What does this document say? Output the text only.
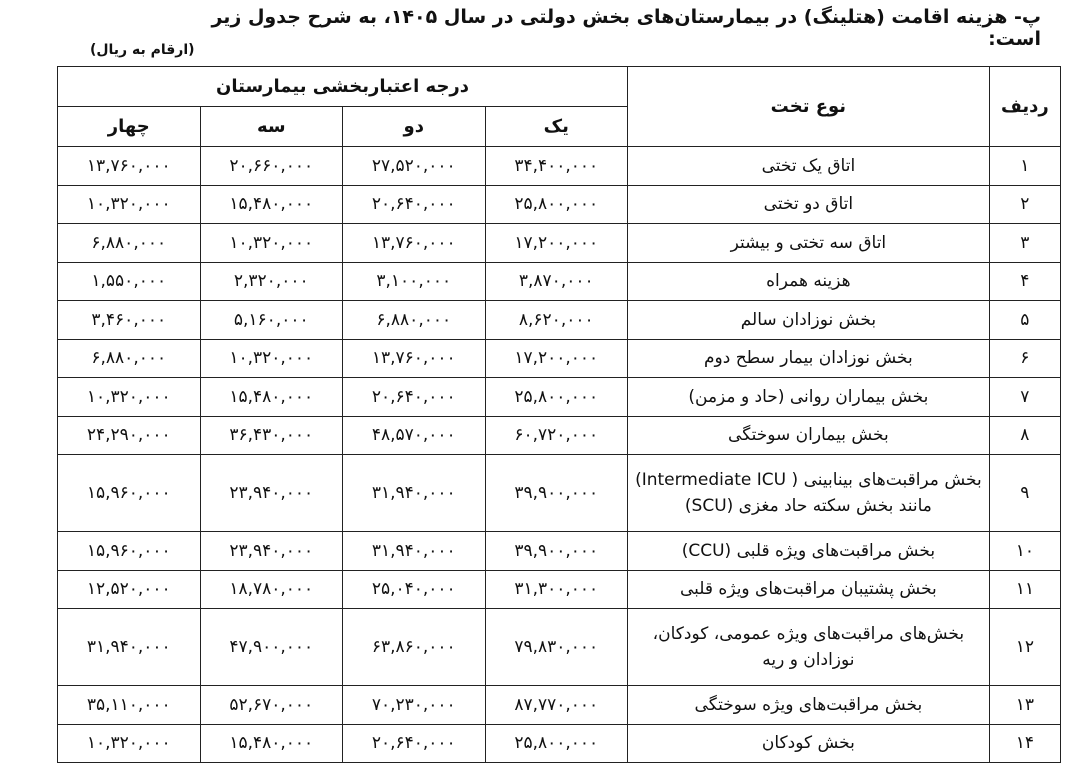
پ- هزینه اقامت (هتلینگ) در بیمارستان‌های بخش دولتی در سال ۱۴۰۵، به شرح جدول زیر است:
(ارقام به ریال)
ردیف	نوع تخت	درجه اعتباربخشی بیمارستان			
		یک	دو	سه	چهار
۱	اتاق یک تختی	۳۴,۴۰۰,۰۰۰	۲۷,۵۲۰,۰۰۰	۲۰,۶۶۰,۰۰۰	۱۳,۷۶۰,۰۰۰
۲	اتاق دو تختی	۲۵,۸۰۰,۰۰۰	۲۰,۶۴۰,۰۰۰	۱۵,۴۸۰,۰۰۰	۱۰,۳۲۰,۰۰۰
۳	اتاق سه تختی و بیشتر	۱۷,۲۰۰,۰۰۰	۱۳,۷۶۰,۰۰۰	۱۰,۳۲۰,۰۰۰	۶,۸۸۰,۰۰۰
۴	هزینه همراه	۳,۸۷۰,۰۰۰	۳,۱۰۰,۰۰۰	۲,۳۲۰,۰۰۰	۱,۵۵۰,۰۰۰
۵	بخش نوزادان سالم	۸,۶۲۰,۰۰۰	۶,۸۸۰,۰۰۰	۵,۱۶۰,۰۰۰	۳,۴۶۰,۰۰۰
۶	بخش نوزادان بیمار سطح دوم	۱۷,۲۰۰,۰۰۰	۱۳,۷۶۰,۰۰۰	۱۰,۳۲۰,۰۰۰	۶,۸۸۰,۰۰۰
۷	بخش بیماران روانی (حاد و مزمن)	۲۵,۸۰۰,۰۰۰	۲۰,۶۴۰,۰۰۰	۱۵,۴۸۰,۰۰۰	۱۰,۳۲۰,۰۰۰
۸	بخش بیماران سوختگی	۶۰,۷۲۰,۰۰۰	۴۸,۵۷۰,۰۰۰	۳۶,۴۳۰,۰۰۰	۲۴,۲۹۰,۰۰۰
۹	بخش مراقبت‌های بینابینی ( Intermediate ICU) مانند بخش سکته حاد مغزی (SCU)	۳۹,۹۰۰,۰۰۰	۳۱,۹۴۰,۰۰۰	۲۳,۹۴۰,۰۰۰	۱۵,۹۶۰,۰۰۰
۱۰	بخش مراقبت‌های ویژه قلبی (CCU)	۳۹,۹۰۰,۰۰۰	۳۱,۹۴۰,۰۰۰	۲۳,۹۴۰,۰۰۰	۱۵,۹۶۰,۰۰۰
۱۱	بخش پشتیبان مراقبت‌های ویژه قلبی	۳۱,۳۰۰,۰۰۰	۲۵,۰۴۰,۰۰۰	۱۸,۷۸۰,۰۰۰	۱۲,۵۲۰,۰۰۰
۱۲	بخش‌های مراقبت‌های ویژه عمومی، کودکان، نوزادان و ریه	۷۹,۸۳۰,۰۰۰	۶۳,۸۶۰,۰۰۰	۴۷,۹۰۰,۰۰۰	۳۱,۹۴۰,۰۰۰
۱۳	بخش مراقبت‌های ویژه سوختگی	۸۷,۷۷۰,۰۰۰	۷۰,۲۳۰,۰۰۰	۵۲,۶۷۰,۰۰۰	۳۵,۱۱۰,۰۰۰
۱۴	بخش کودکان	۲۵,۸۰۰,۰۰۰	۲۰,۶۴۰,۰۰۰	۱۵,۴۸۰,۰۰۰	۱۰,۳۲۰,۰۰۰
